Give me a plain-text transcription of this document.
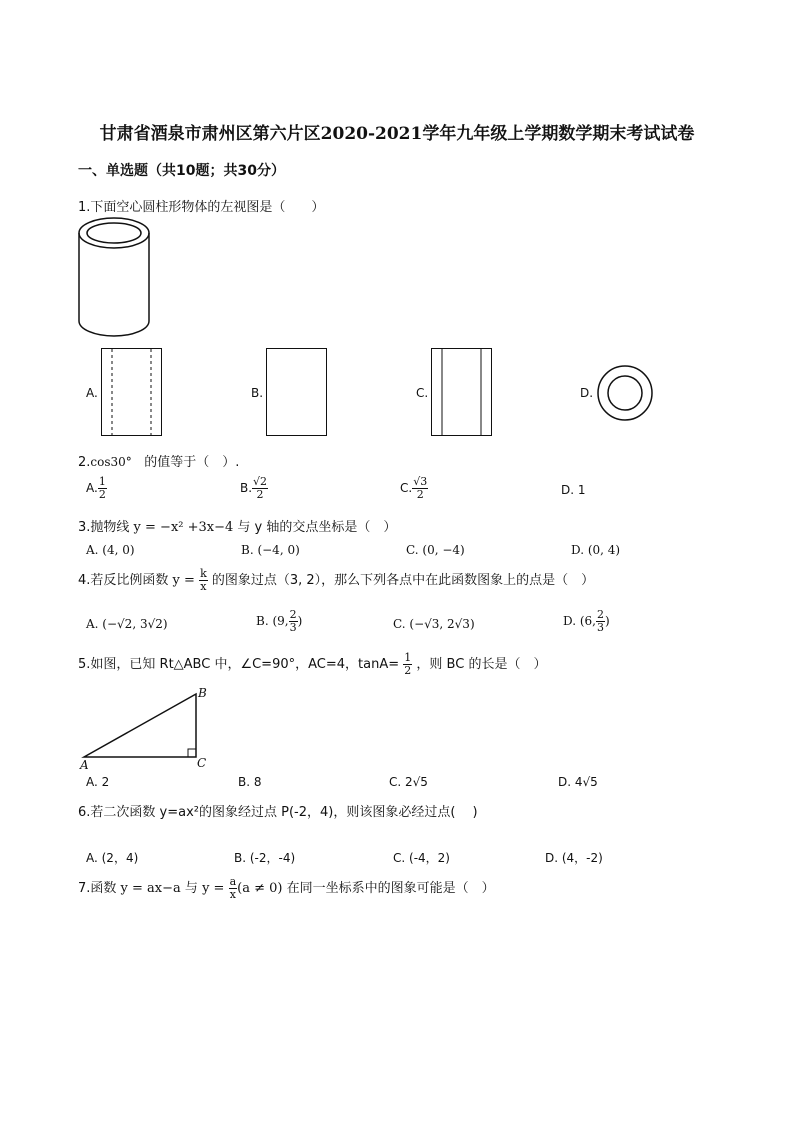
甘肃省酒泉市肃州区第六片区2020-2021学年九年级上学期数学期末考试试卷
一、单选题（共10题；共30分）
1.下面空心圆柱形物体的左视图是（　　）
A.	B.	C.	D.
2.cos30° 的值等于（　）.
A. $\frac{1}{2}$	B. $\frac{√2}{2}$	C. $\frac{√3}{2}$	D. 1
3.抛物线 y = −x² +3x−4 与 y 轴的交点坐标是（　）
A. (4, 0)	B. (−4, 0)	C. (0, −4)	D. (0, 4)
4.若反比例函数 $y = \frac{k}{x}$ 的图象过点（3, 2），那么下列各点中在此函数图象上的点是（　）
A. (−√2, 3√2)	B. (9, $\frac{2}{3}$ )	C. (−√3, 2√3)	D. (6, $\frac{2}{3}$ )
5.如图，已知 Rt△ABC 中，∠C=90°，AC=4，$\tan A= \frac{1}{2}$ ，则 BC 的长是（　）
B
A	C
A. 2	B. 8	C. 2√5	D. 4√5
6.若二次函数 y=ax²的图象经过点 P(-2，4)，则该图象必经过点(　 )
A. (2，4)	B. (-2，-4)	C. (-4，2)	D. (4，-2)
7.函数 y = ax−a 与 $y = \frac{a}{x} (a \ne 0)$ 在同一坐标系中的图象可能是（　）
